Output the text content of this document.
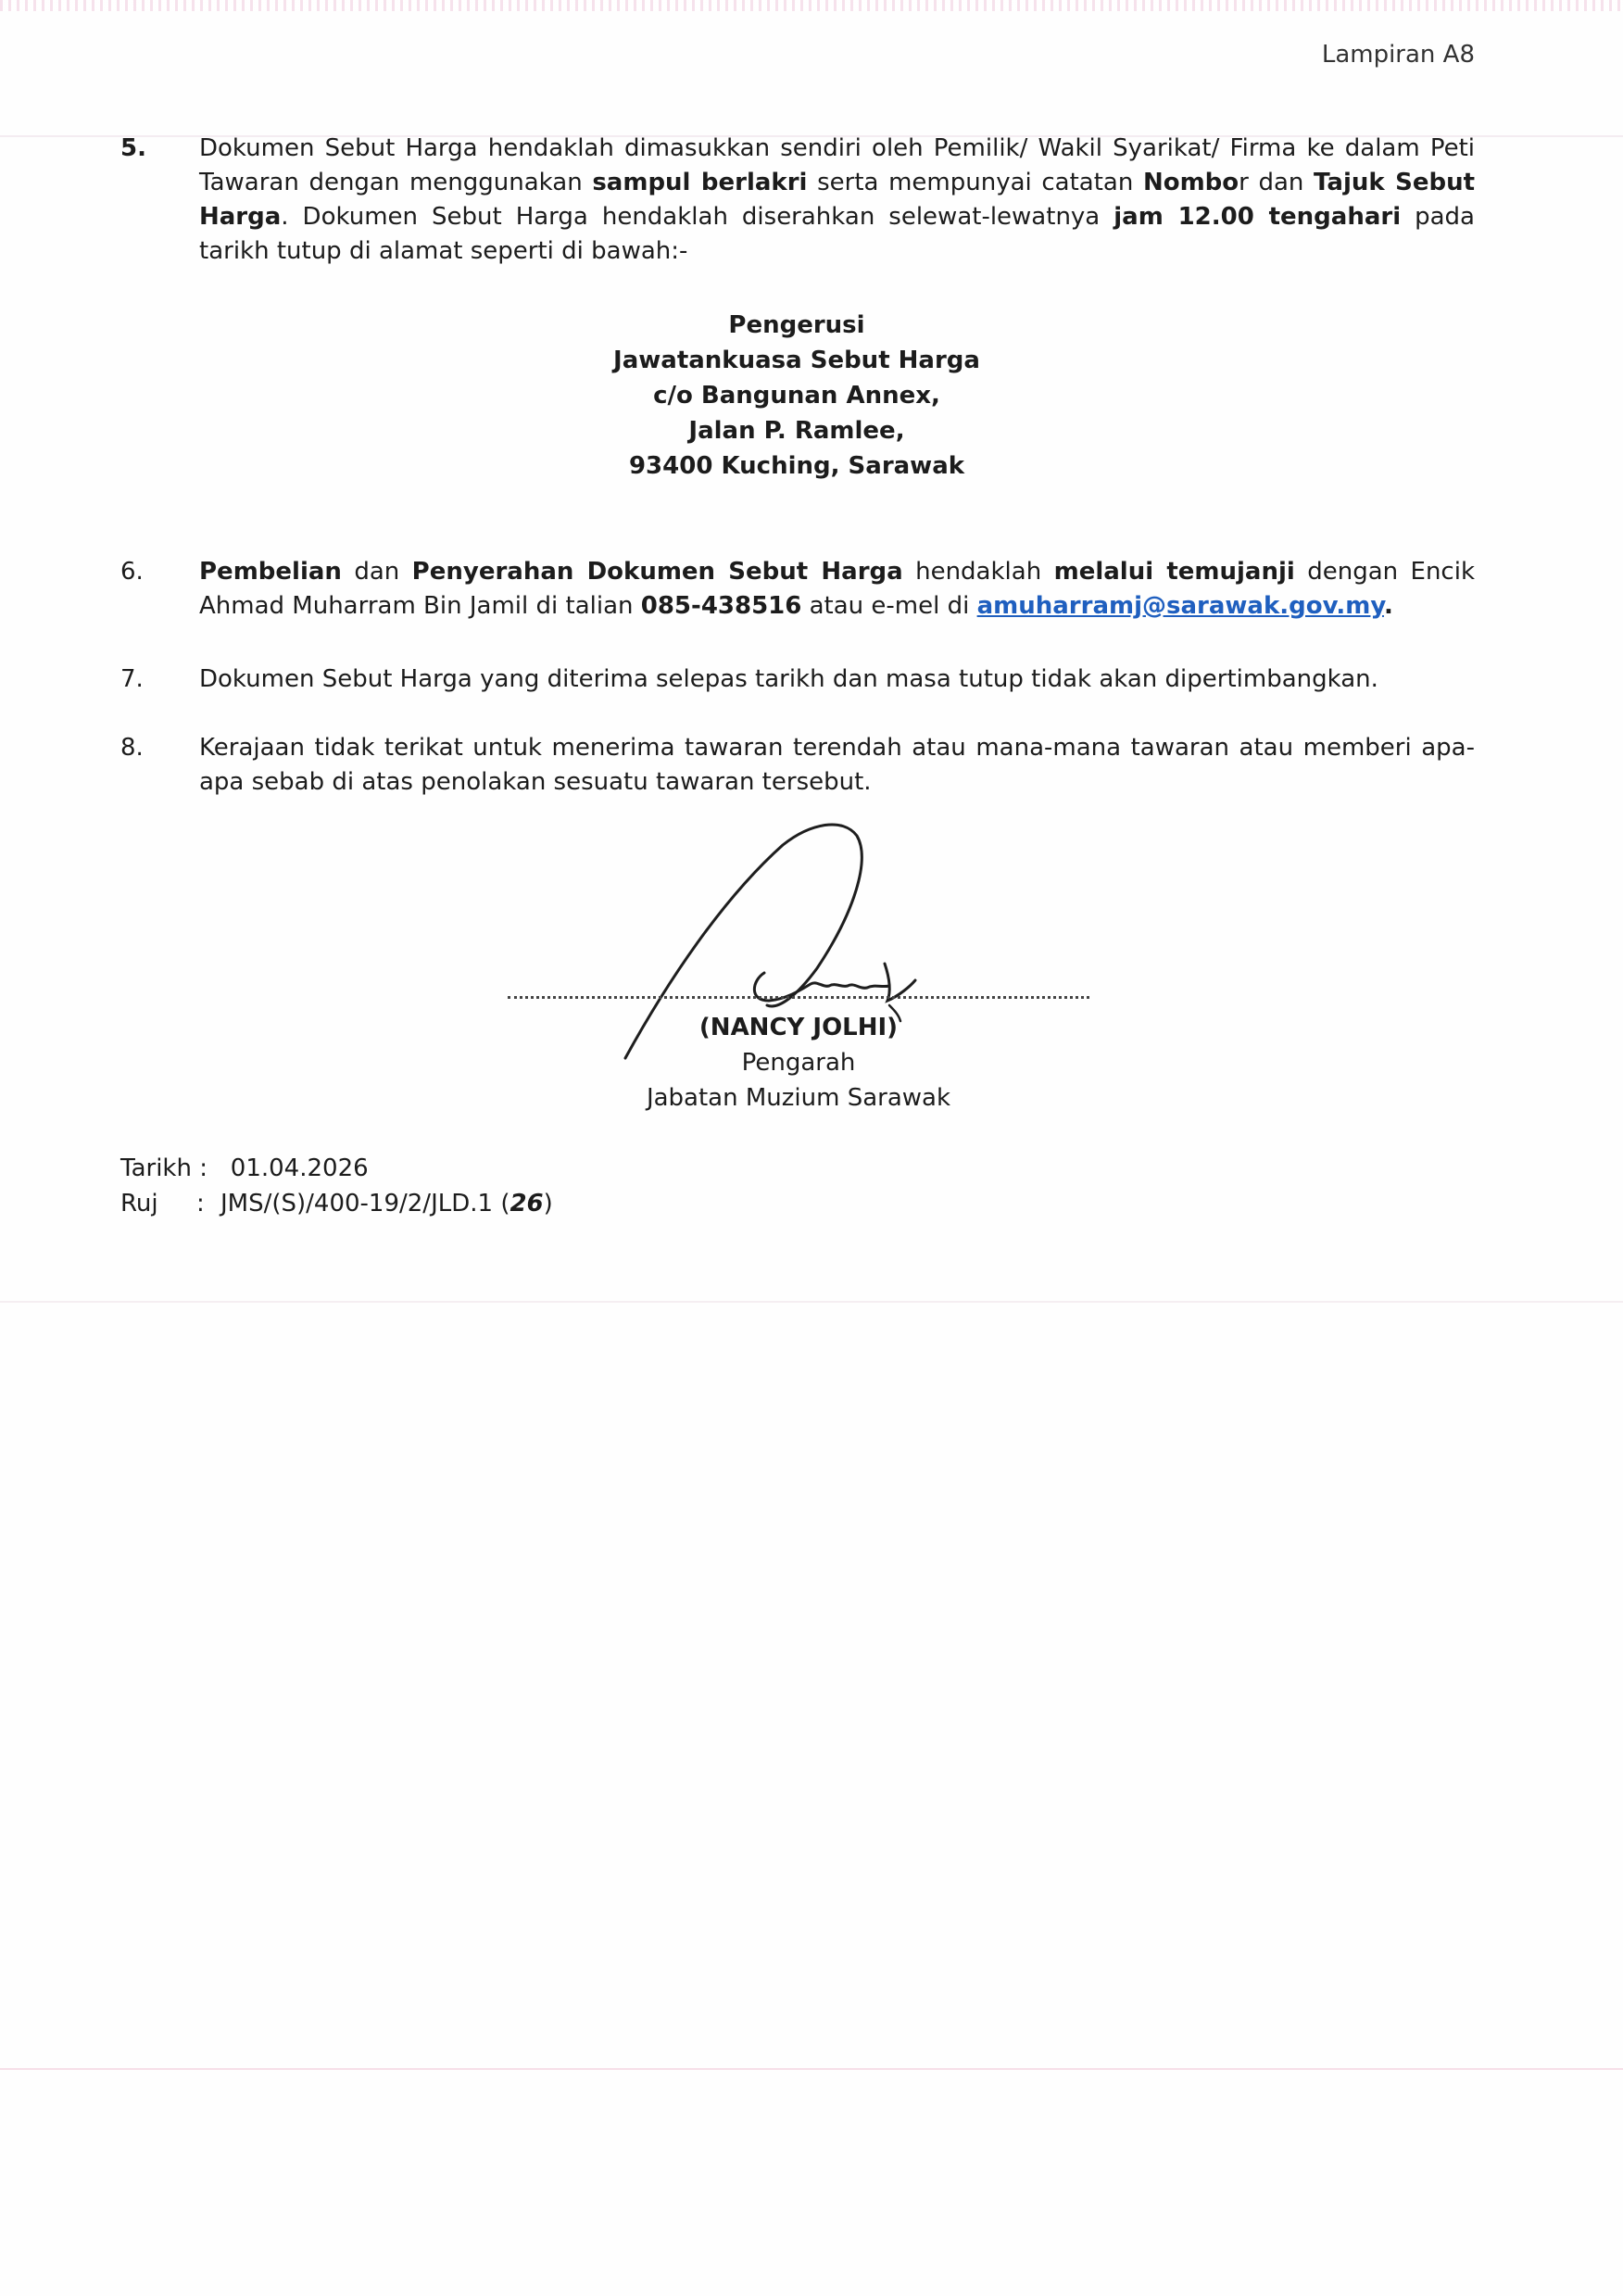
Lampiran A8
5.	Dokumen Sebut Harga hendaklah dimasukkan sendiri oleh Pemilik/ Wakil Syarikat/ Firma ke dalam Peti Tawaran dengan menggunakan sampul berlakri serta mempunyai catatan Nombor dan Tajuk Sebut Harga. Dokumen Sebut Harga hendaklah diserahkan selewat-lewatnya jam 12.00 tengahari pada tarikh tutup di alamat seperti di bawah:-
Pengerusi
Jawatankuasa Sebut Harga
c/o Bangunan Annex,
Jalan P. Ramlee,
93400 Kuching, Sarawak
6.	Pembelian dan Penyerahan Dokumen Sebut Harga hendaklah melalui temujanji dengan Encik Ahmad Muharram Bin Jamil di talian 085-438516 atau e-mel di amuharramj@sarawak.gov.my.
7.	Dokumen Sebut Harga yang diterima selepas tarikh dan masa tutup tidak akan dipertimbangkan.
8.	Kerajaan tidak terikat untuk menerima tawaran terendah atau mana-mana tawaran atau memberi apa-apa sebab di atas penolakan sesuatu tawaran tersebut.
(NANCY JOLHI)
Pengarah
Jabatan Muzium Sarawak
Tarikh : 01.04.2026
Ruj : JMS/(S)/400-19/2/JLD.1 (26)
